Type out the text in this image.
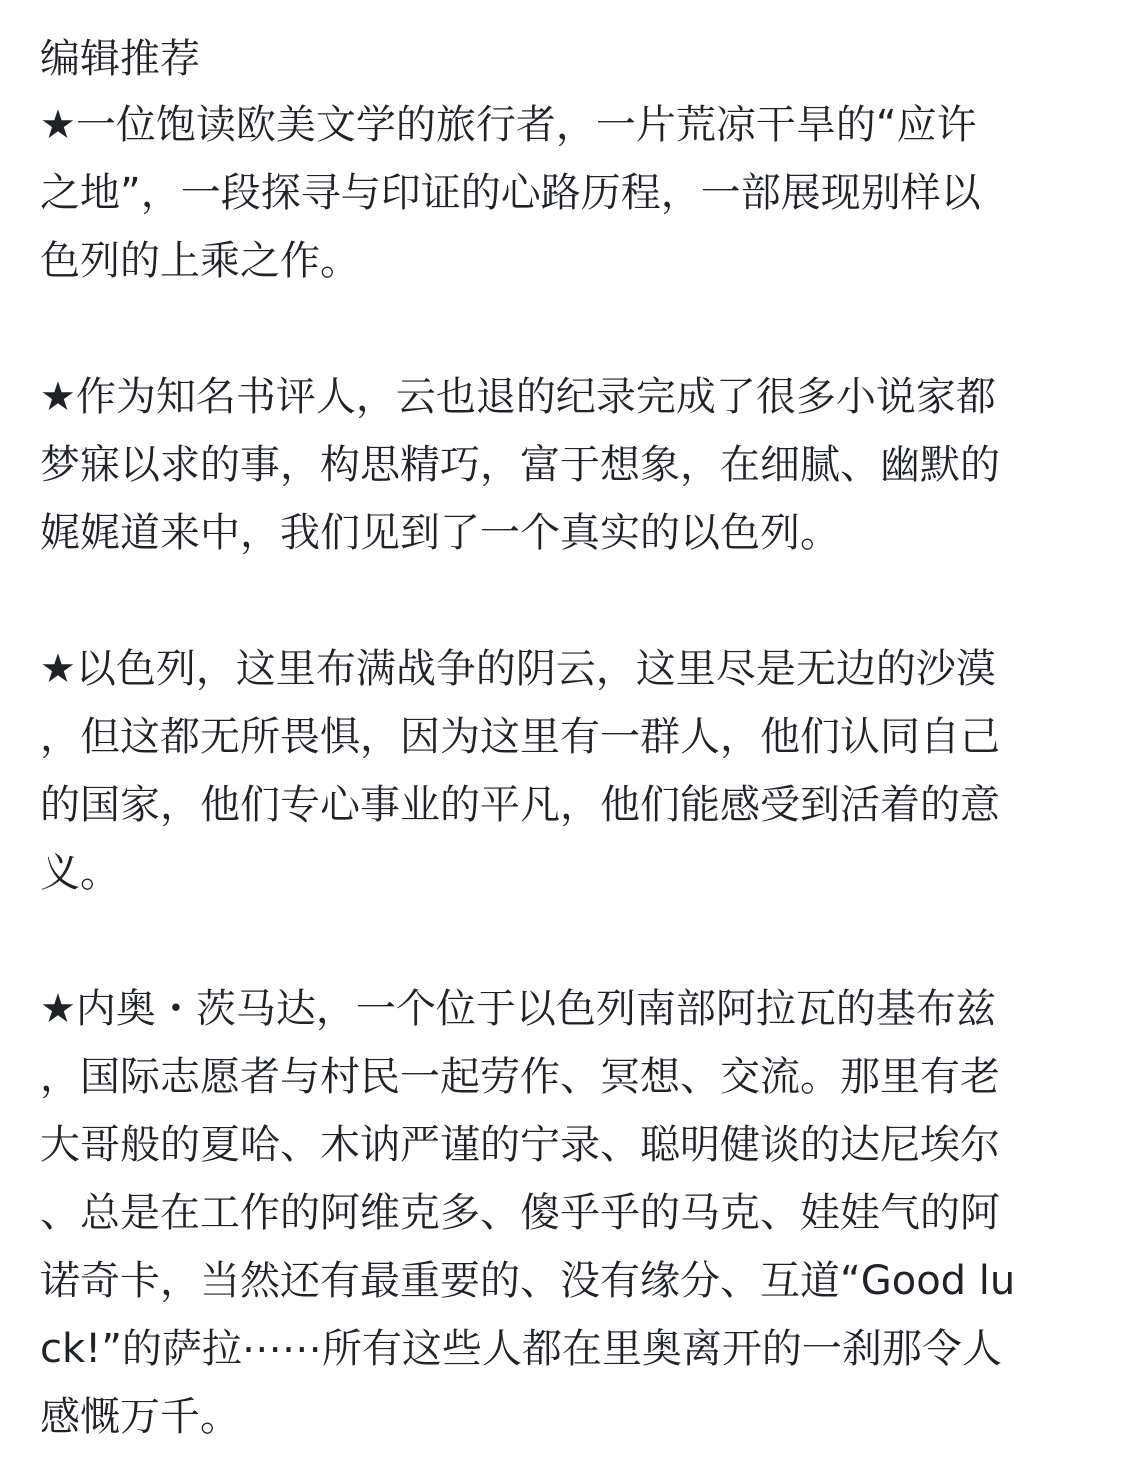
编辑推荐

★一位饱读欧美文学的旅行者，一片荒凉干旱的“应许
之地”，一段探寻与印证的心路历程，一部展现别样以
色列的上乘之作。

★作为知名书评人，云也退的纪录完成了很多小说家都
梦寐以求的事，构思精巧，富于想象，在细腻、幽默的
娓娓道来中，我们见到了一个真实的以色列。

★以色列，这里布满战争的阴云，这里尽是无边的沙漠
，但这都无所畏惧，因为这里有一群人，他们认同自己
的国家，他们专心事业的平凡，他们能感受到活着的意
义。

★内奥・茨马达，一个位于以色列南部阿拉瓦的基布兹
，国际志愿者与村民一起劳作、冥想、交流。那里有老
大哥般的夏哈、木讷严谨的宁录、聪明健谈的达尼埃尔
、总是在工作的阿维克多、傻乎乎的马克、娃娃气的阿
诺奇卡，当然还有最重要的、没有缘分、互道“Good lu
ck!”的萨拉⋯⋯所有这些人都在里奥离开的一刹那令人
感慨万千。
